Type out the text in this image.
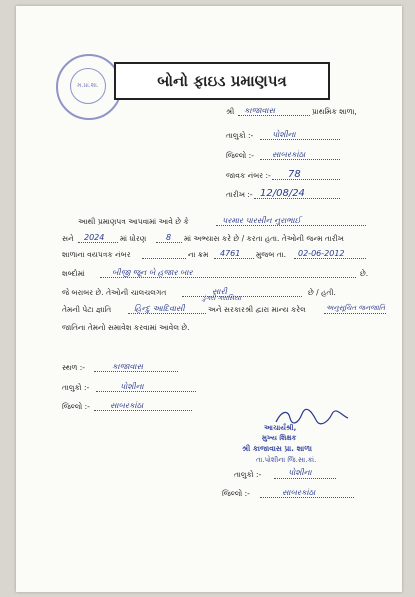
મ.પ્રા.શા.	બોનો ફાઇડ પ્રમાણપત્ર
શ્રી કાજાવાસ	પ્રાથમિક શાળા,
તાલુકો :- પોશીના
જિલ્લો :- સાબરકાંઠા
જાવક નંબર :- 78
તારીખ :- 12/08/24
આથી પ્રમાણપત્ર આપવામાં આવે છે કે	પરમાર પારસીન નુરાભાઈ
સને 2024 માં ધોરણ 8 માં અભ્યાસ કરે છે / કરતા હતા. તેઓની જન્મ તારીખ
શાળાના વયપત્રક નંબર	ના ક્રમ 4761 મુજબ તા. 02-06-2012
શબ્દોમાં	બીજી જૂન બે હજાર બાર	છે.
જે બરાબર છે. તેઓની ચાલચલગત	સારી	છે / હતી.
ડુંગરી ગરાસિયા
તેમની પેટા જ્ઞાતિ	હિન્દુ આદિવાસી	અને સરકારશ્રી દ્વારા માન્ય કરેલ	અનુસૂચિત જનજાતિ
જાતિના તેમનો સમાવેશ કરવામાં આવેલ છે.
સ્થળ :-	કાજાવાસ
તાલુકો :-	પોશીના
જિલ્લો :-	સાબરકાંઠા
આચાર્યશ્રી,
મુખ્ય શિક્ષક
શ્રી કાજાવાસ પ્રા. શાળા
તા.પોશીના જિ.સા.કાં.
તાલુકો :-	પોશીના
જિલ્લો :-	સાબરકાંઠા
